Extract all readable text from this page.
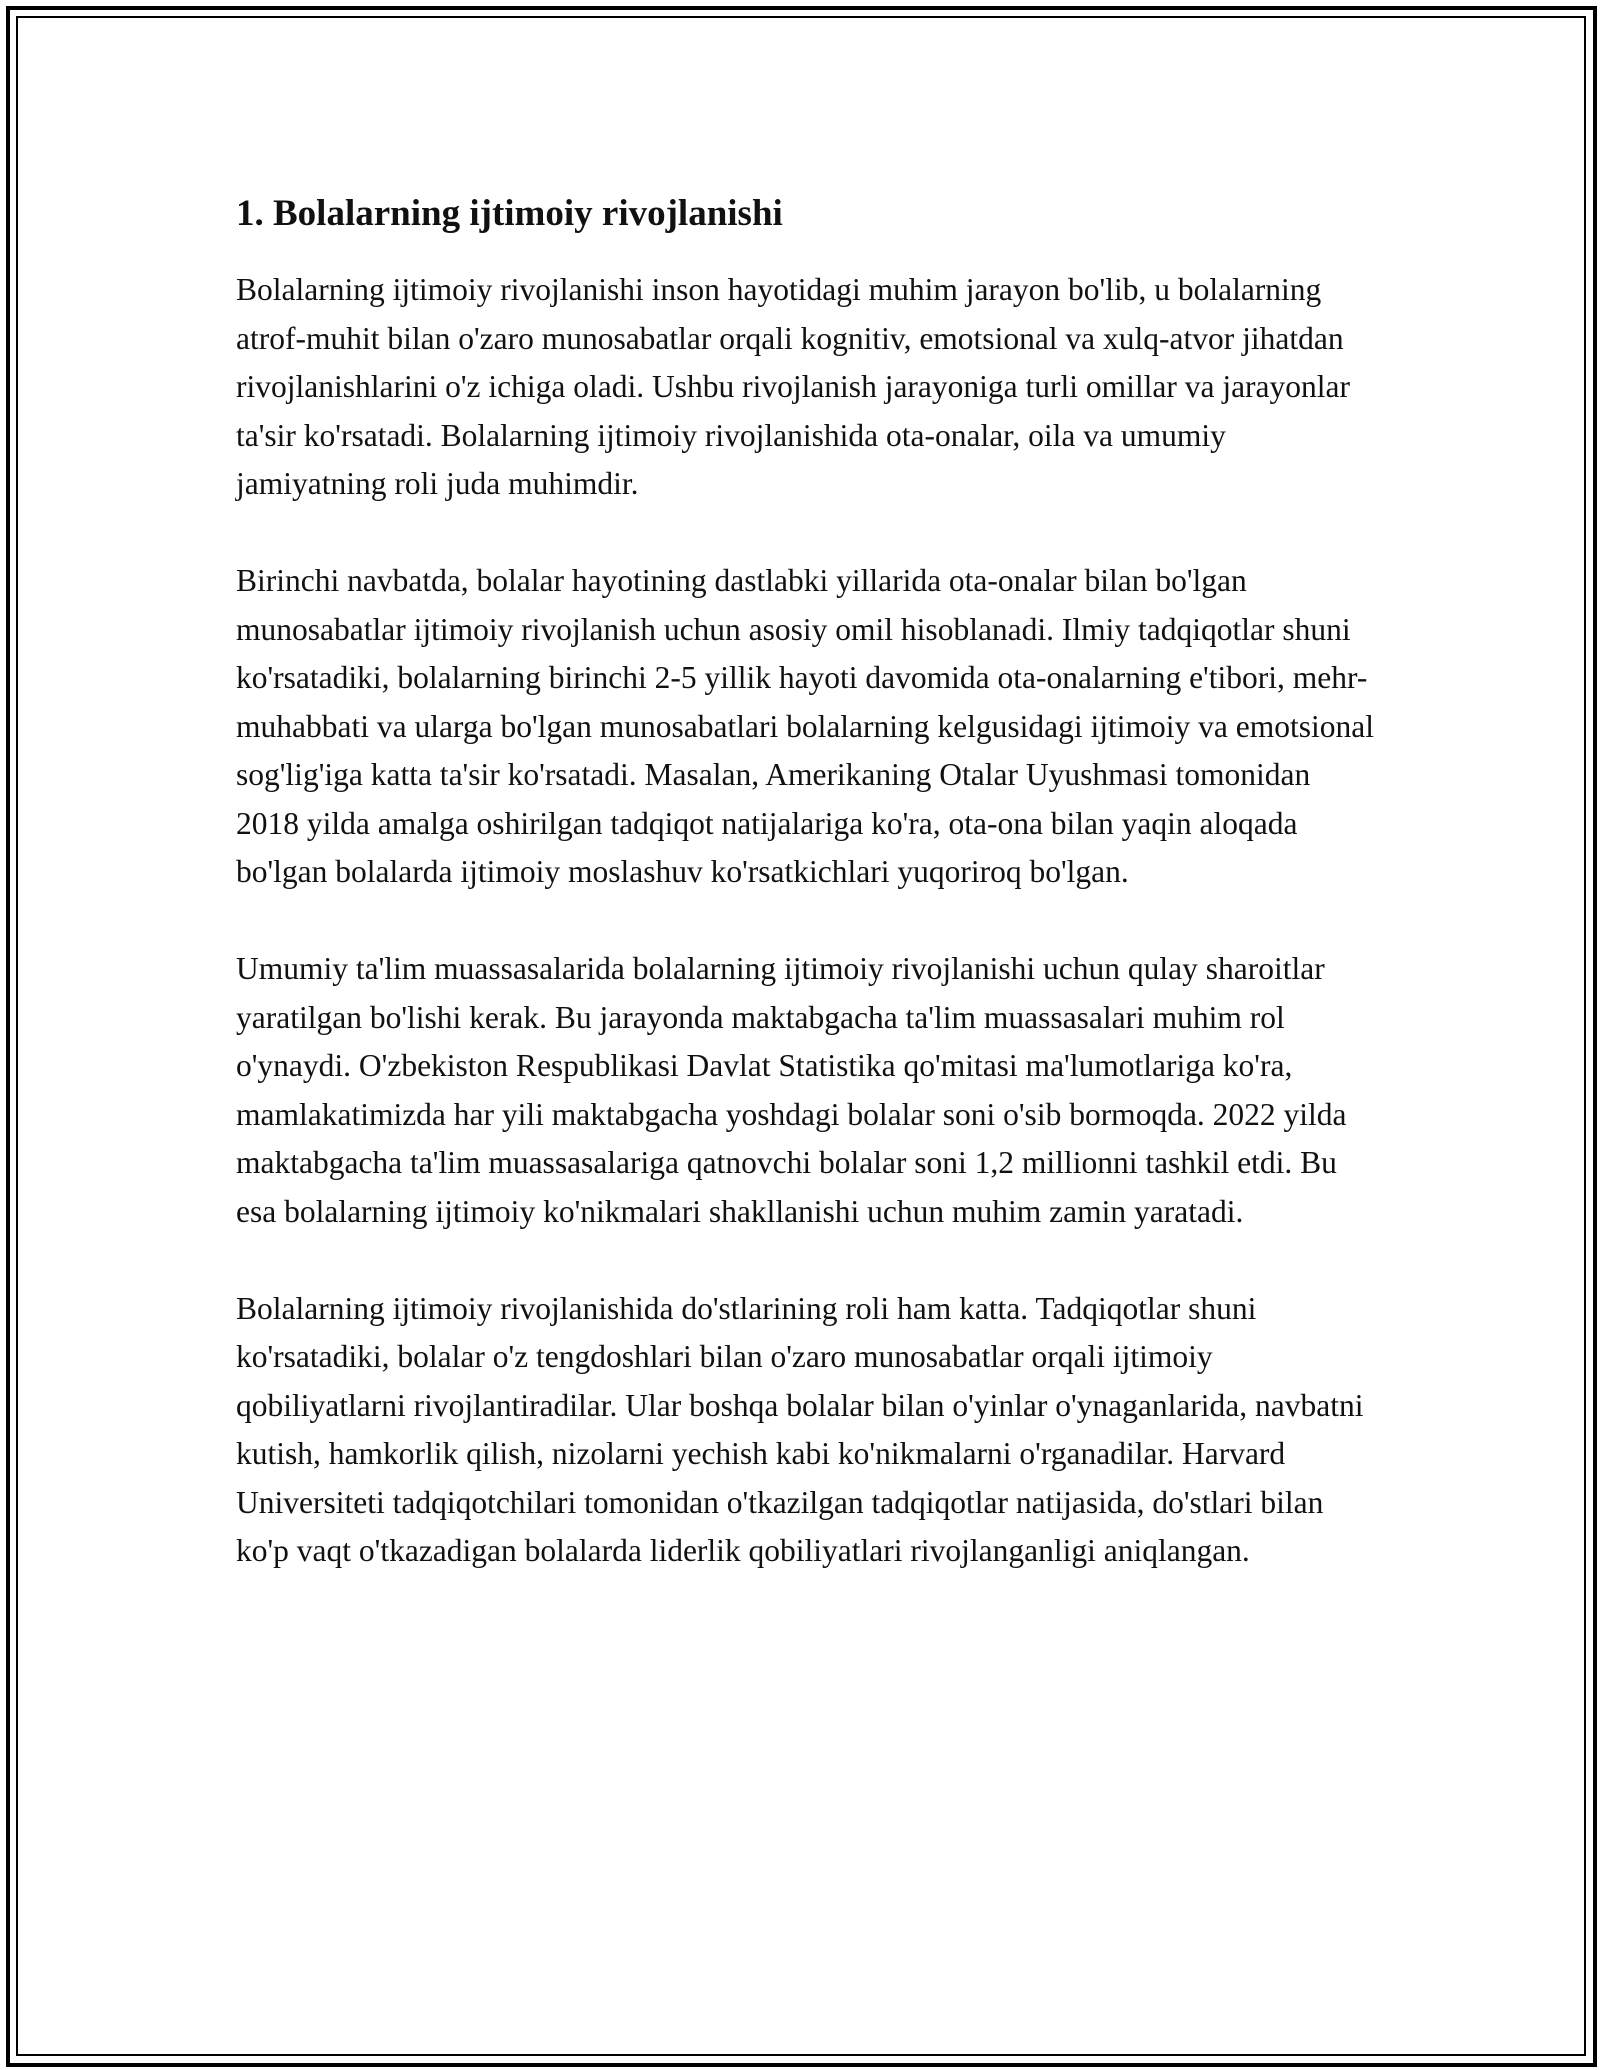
1. Bolalarning ijtimoiy rivojlanishi

Bolalarning ijtimoiy rivojlanishi inson hayotidagi muhim jarayon bo'lib, u bolalarning atrof-muhit bilan o'zaro munosabatlar orqali kognitiv, emotsional va xulq-atvor jihatdan rivojlanishlarini o'z ichiga oladi. Ushbu rivojlanish jarayoniga turli omillar va jarayonlar ta'sir ko'rsatadi. Bolalarning ijtimoiy rivojlanishida ota-onalar, oila va umumiy jamiyatning roli juda muhimdir.

Birinchi navbatda, bolalar hayotining dastlabki yillarida ota-onalar bilan bo'lgan munosabatlar ijtimoiy rivojlanish uchun asosiy omil hisoblanadi. Ilmiy tadqiqotlar shuni ko'rsatadiki, bolalarning birinchi 2-5 yillik hayoti davomida ota-onalarning e'tibori, mehr-muhabbati va ularga bo'lgan munosabatlari bolalarning kelgusidagi ijtimoiy va emotsional sog'lig'iga katta ta'sir ko'rsatadi. Masalan, Amerikaning Otalar Uyushmasi tomonidan 2018 yilda amalga oshirilgan tadqiqot natijalariga ko'ra, ota-ona bilan yaqin aloqada bo'lgan bolalarda ijtimoiy moslashuv ko'rsatkichlari yuqoriroq bo'lgan.

Umumiy ta'lim muassasalarida bolalarning ijtimoiy rivojlanishi uchun qulay sharoitlar yaratilgan bo'lishi kerak. Bu jarayonda maktabgacha ta'lim muassasalari muhim rol o'ynaydi. O'zbekiston Respublikasi Davlat Statistika qo'mitasi ma'lumotlariga ko'ra, mamlakatimizda har yili maktabgacha yoshdagi bolalar soni o'sib bormoqda. 2022 yilda maktabgacha ta'lim muassasalariga qatnovchi bolalar soni 1,2 millionni tashkil etdi. Bu esa bolalarning ijtimoiy ko'nikmalari shakllanishi uchun muhim zamin yaratadi.

Bolalarning ijtimoiy rivojlanishida do'stlarining roli ham katta. Tadqiqotlar shuni ko'rsatadiki, bolalar o'z tengdoshlari bilan o'zaro munosabatlar orqali ijtimoiy qobiliyatlarni rivojlantiradilar. Ular boshqa bolalar bilan o'yinlar o'ynaganlarida, navbatni kutish, hamkorlik qilish, nizolarni yechish kabi ko'nikmalarni o'rganadilar. Harvard Universiteti tadqiqotchilari tomonidan o'tkazilgan tadqiqotlar natijasida, do'stlari bilan ko'p vaqt o'tkazadigan bolalarda liderlik qobiliyatlari rivojlanganligi aniqlangan.
